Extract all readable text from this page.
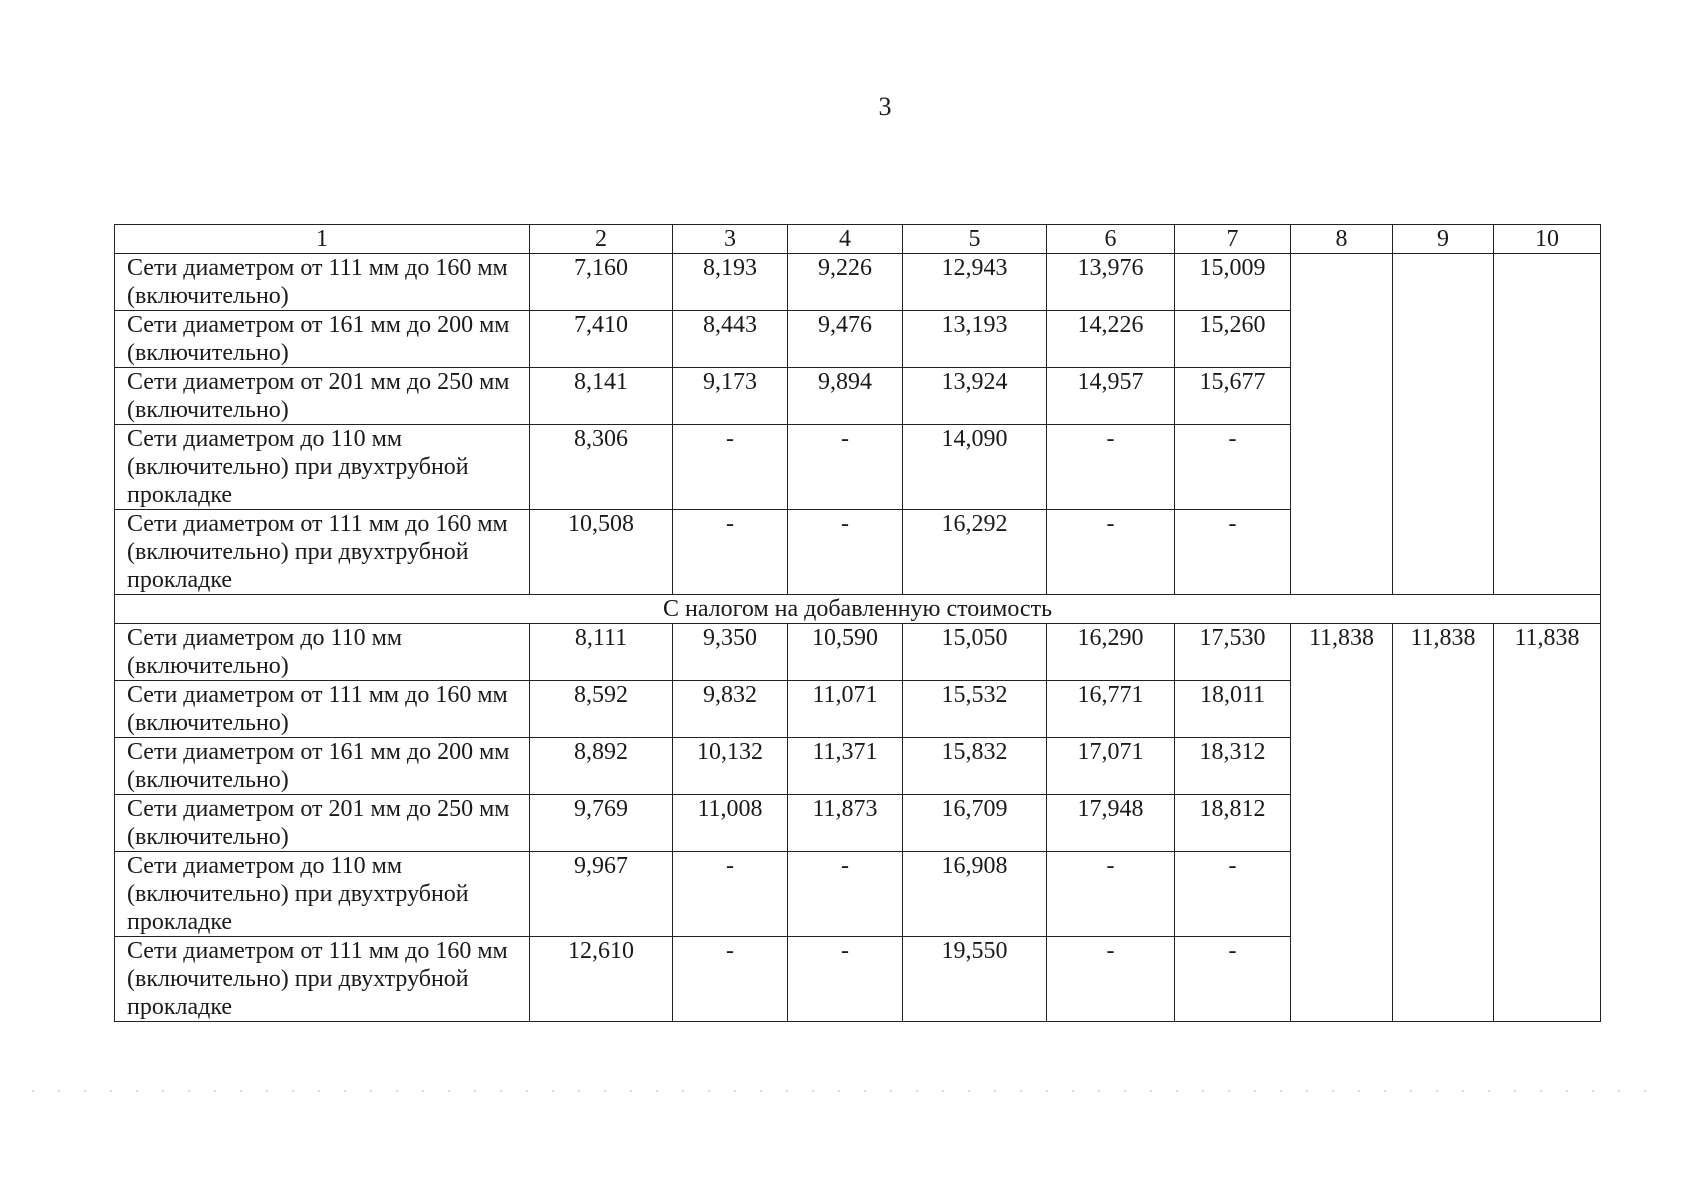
3
1	2	3	4	5	6	7	8	9	10
Сети диаметром от 111 мм до 160 мм (включительно)	7,160	8,193	9,226	12,943	13,976	15,009			
Сети диаметром от 161 мм до 200 мм (включительно)	7,410	8,443	9,476	13,193	14,226	15,260			
Сети диаметром от 201 мм до 250 мм (включительно)	8,141	9,173	9,894	13,924	14,957	15,677			
Сети диаметром до 110 мм (включительно) при двухтрубной прокладке	8,306	-	-	14,090	-	-			
Сети диаметром от 111 мм до 160 мм (включительно) при двухтрубной прокладке	10,508	-	-	16,292	-	-			
С налогом на добавленную стоимость									
Сети диаметром до 110 мм (включительно)	8,111	9,350	10,590	15,050	16,290	17,530	11,838	11,838	11,838
Сети диаметром от 111 мм до 160 мм (включительно)	8,592	9,832	11,071	15,532	16,771	18,011			
Сети диаметром от 161 мм до 200 мм (включительно)	8,892	10,132	11,371	15,832	17,071	18,312			
Сети диаметром от 201 мм до 250 мм (включительно)	9,769	11,008	11,873	16,709	17,948	18,812			
Сети диаметром до 110 мм (включительно) при двухтрубной прокладке	9,967	-	-	16,908	-	-			
Сети диаметром от 111 мм до 160 мм (включительно) при двухтрубной прокладке	12,610	-	-	19,550	-	-			
